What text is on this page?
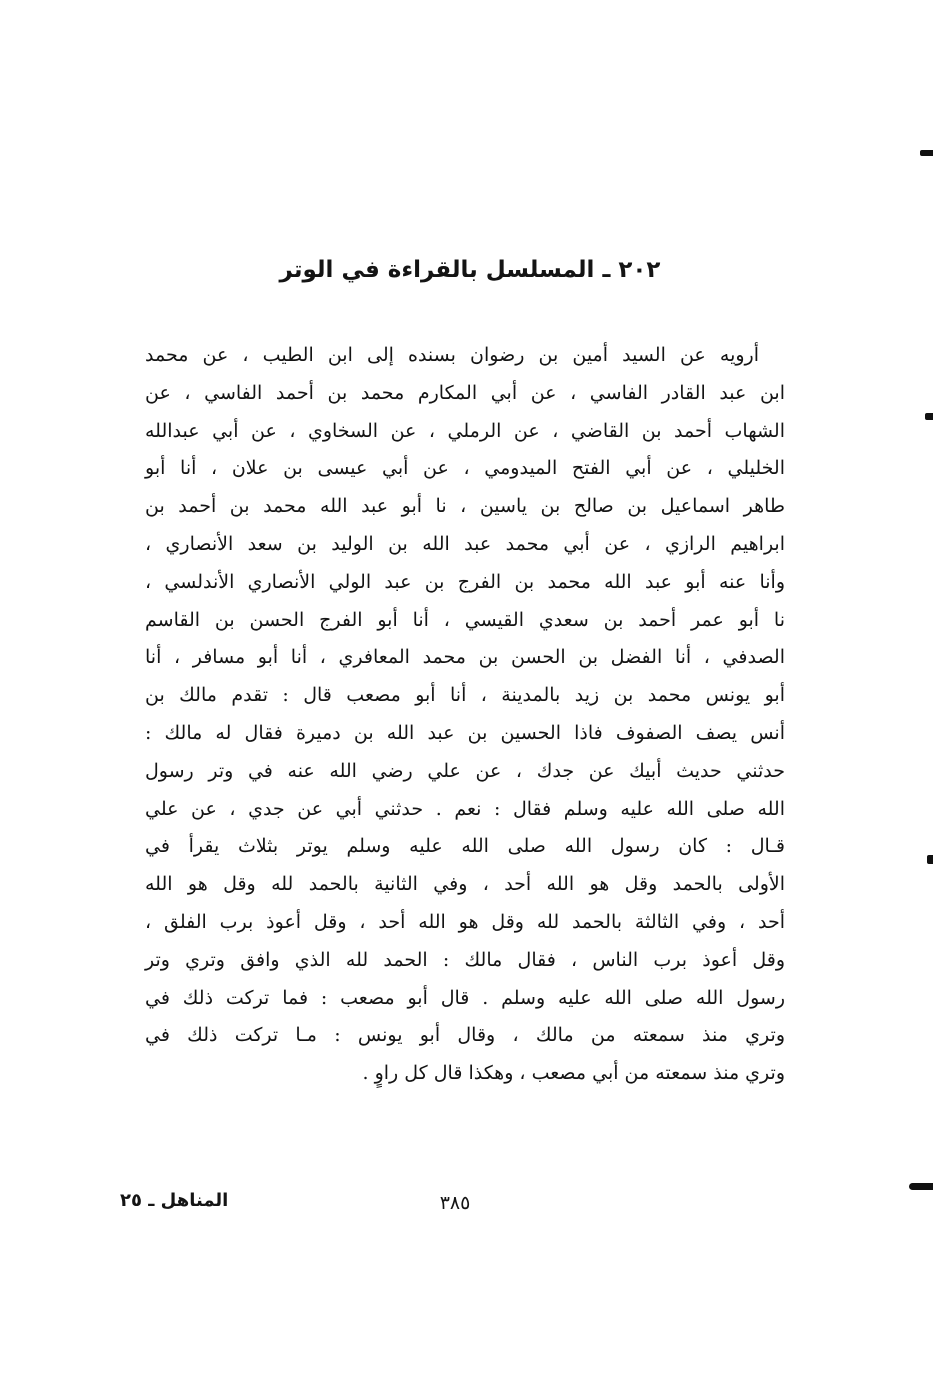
٢٠٢ ـ المسلسل بالقراءة في الوتر
أرويه عن السيد أمين بن رضوان بسنده إلى ابن الطيب ، عن محمد
ابن عبد القادر الفاسي ، عن أبي المكارم محمد بن أحمد الفاسي ، عن
الشهاب أحمد بن القاضي ، عن الرملي ، عن السخاوي ، عن أبي عبدالله
الخليلي ، عن أبي الفتح الميدومي ، عن أبي عيسى بن علان ، أنا أبو
طاهر اسماعيل بن صالح بن ياسين ، نا أبو عبد الله محمد بن أحمد بن
ابراهيم الرازي ، عن أبي محمد عبد الله بن الوليد بن سعد الأنصاري ،
وأنا عنه أبو عبد الله محمد بن الفرج بن عبد الولي الأنصاري الأندلسي ،
نا أبو عمر أحمد بن سعدي القيسي ، أنا أبو الفرج الحسن بن القاسم
الصدفي ، أنا الفضل بن الحسن بن محمد المعافري ، أنا أبو مسافر ، أنا
أبو يونس محمد بن زيد بالمدينة ، أنا أبو مصعب قال : تقدم مالك بن
أنس يصف الصفوف فاذا الحسين بن عبد الله بن دميرة فقال له مالك :
حدثني حديث أبيك عن جدك ، عن علي رضي الله عنه في وتر رسول
الله صلى الله عليه وسلم فقال : نعم . حدثني أبي عن جدي ، عن علي
قـال : كان رسول الله صلى الله عليه وسلم يوتر بثلاث يقرأ في
الأولى بالحمد وقل هو الله أحد ، وفي الثانية بالحمد لله وقل هو الله
أحد ، وفي الثالثة بالحمد لله وقل هو الله أحد ، وقل أعوذ برب الفلق ،
وقل أعوذ برب الناس ، فقال مالك : الحمد لله الذي وافق وتري وتر
رسول الله صلى الله عليه وسلم . قال أبو مصعب : فما تركت ذلك في
وتري منذ سمعته من مالك ، وقال أبو يونس : مـا تركت ذلك في
وتري منذ سمعته من أبي مصعب ، وهكذا قال كل راوٍ .
٣٨٥
المناهل ـ ٢٥
